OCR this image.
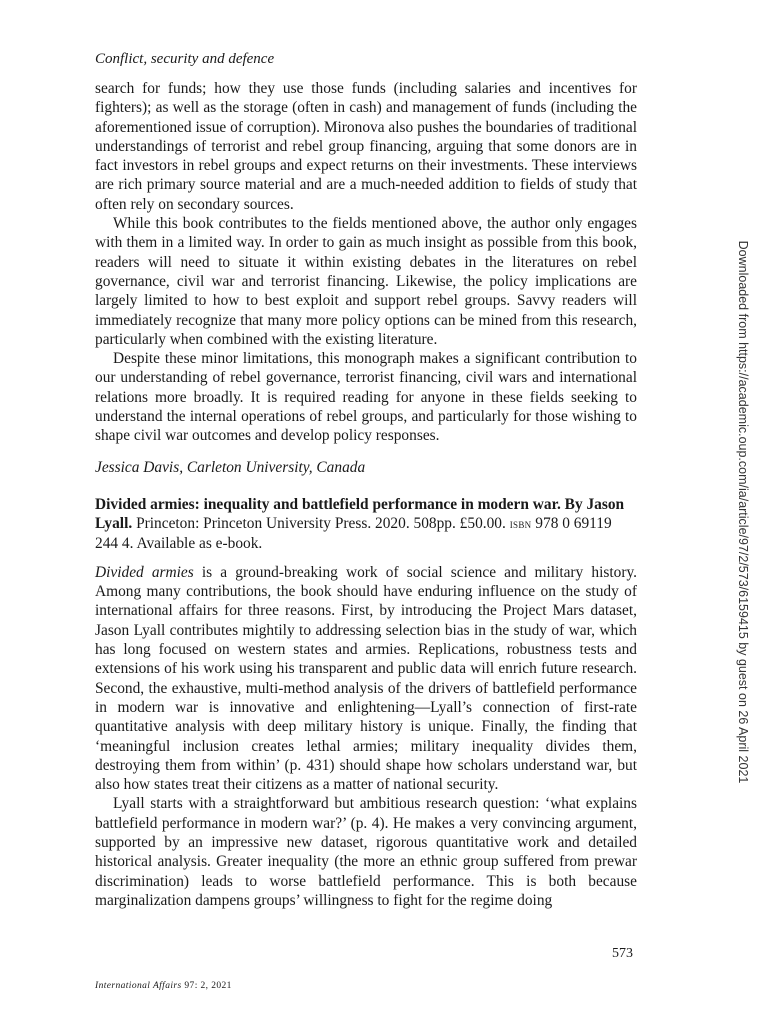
Conflict, security and defence

search for funds; how they use those funds (including salaries and incentives for fighters); as well as the storage (often in cash) and management of funds (including the aforementioned issue of corruption). Mironova also pushes the boundaries of traditional understandings of terrorist and rebel group financing, arguing that some donors are in fact investors in rebel groups and expect returns on their investments. These interviews are rich primary source material and are a much-needed addition to fields of study that often rely on secondary sources.

While this book contributes to the fields mentioned above, the author only engages with them in a limited way. In order to gain as much insight as possible from this book, readers will need to situate it within existing debates in the literatures on rebel governance, civil war and terrorist financing. Likewise, the policy implications are largely limited to how to best exploit and support rebel groups. Savvy readers will immediately recognize that many more policy options can be mined from this research, particularly when combined with the existing literature.

Despite these minor limitations, this monograph makes a significant contribution to our understanding of rebel governance, terrorist financing, civil wars and international relations more broadly. It is required reading for anyone in these fields seeking to understand the internal operations of rebel groups, and particularly for those wishing to shape civil war outcomes and develop policy responses.

Jessica Davis, Carleton University, Canada

Divided armies: inequality and battlefield performance in modern war. By Jason Lyall. Princeton: Princeton University Press. 2020. 508pp. £50.00. isbn 978 0 69119 244 4. Available as e-book.

Divided armies is a ground-breaking work of social science and military history. Among many contributions, the book should have enduring influence on the study of international affairs for three reasons. First, by introducing the Project Mars dataset, Jason Lyall contributes mightily to addressing selection bias in the study of war, which has long focused on western states and armies. Replications, robustness tests and extensions of his work using his transparent and public data will enrich future research. Second, the exhaustive, multi-method analysis of the drivers of battlefield performance in modern war is innovative and enlightening—Lyall’s connection of first-rate quantitative analysis with deep military history is unique. Finally, the finding that ‘meaningful inclusion creates lethal armies; military inequality divides them, destroying them from within’ (p. 431) should shape how scholars understand war, but also how states treat their citizens as a matter of national security.

Lyall starts with a straightforward but ambitious research question: ‘what explains battlefield performance in modern war?’ (p. 4). He makes a very convincing argument, supported by an impressive new dataset, rigorous quantitative work and detailed historical analysis. Greater inequality (the more an ethnic group suffered from prewar discrimination) leads to worse battlefield performance. This is both because marginalization dampens groups’ willingness to fight for the regime doing

573
International Affairs 97: 2, 2021
Downloaded from https://academic.oup.com/ia/article/97/2/573/6159415 by guest on 26 April 2021
